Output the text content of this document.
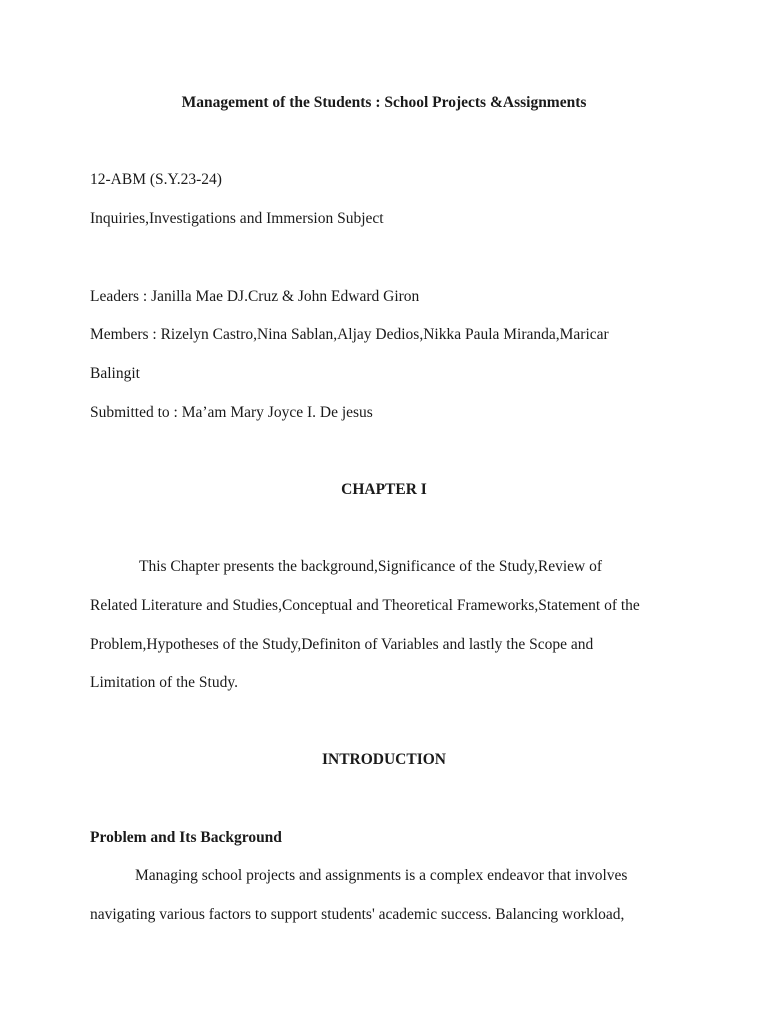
Management of the Students : School Projects &Assignments
12-ABM (S.Y.23-24)
Inquiries,Investigations and Immersion Subject
Leaders : Janilla Mae DJ.Cruz & John Edward Giron
Members : Rizelyn Castro,Nina Sablan,Aljay Dedios,Nikka Paula Miranda,Maricar
Balingit
Submitted to : Ma’am Mary Joyce I. De jesus
CHAPTER I
This Chapter presents the background,Significance of the Study,Review of
Related Literature and Studies,Conceptual and Theoretical Frameworks,Statement of the
Problem,Hypotheses of the Study,Definiton of Variables and lastly the Scope and
Limitation of the Study.
INTRODUCTION
Problem and Its Background
Managing school projects and assignments is a complex endeavor that involves
navigating various factors to support students' academic success. Balancing workload,
